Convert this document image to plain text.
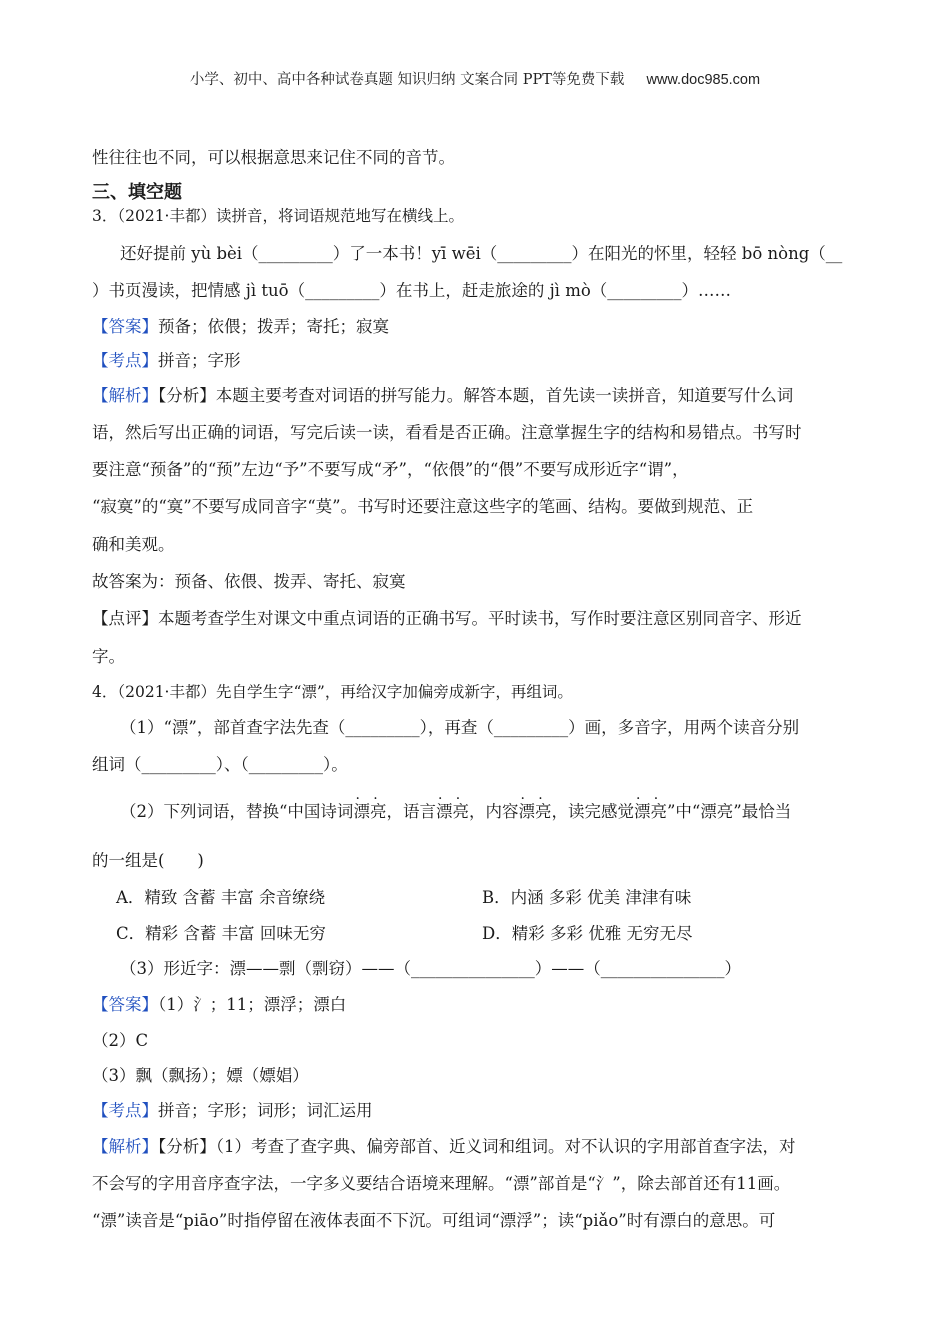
小学、初中、高中各种试卷真题 知识归纳 文案合同 PPT等免费下载 www.doc985.com
性往往也不同，可以根据意思来记住不同的音节。
三、填空题
3．（2021·丰都）读拼音，将词语规范地写在横线上。
还好提前 yù bèi（_________）了一本书！yī wēi（_________）在阳光的怀里，轻轻 bō nòng（__
）书页漫读，把情感 jì tuō（_________）在书上，赶走旅途的 jì mò（_________）……
【答案】预备；依偎；拨弄；寄托；寂寞
【考点】拼音；字形
【解析】【分析】本题主要考查对词语的拼写能力。解答本题，首先读一读拼音，知道要写什么词
语，然后写出正确的词语，写完后读一读，看看是否正确。注意掌握生字的结构和易错点。书写时
要注意“预备”的“预”左边“予”不要写成“矛”，“依偎”的“偎”不要写成形近字“谓”，
“寂寞”的“寞”不要写成同音字“莫”。书写时还要注意这些字的笔画、结构。要做到规范、正
确和美观。
故答案为：预备、依偎、拨弄、寄托、寂寞
【点评】本题考查学生对课文中重点词语的正确书写。平时读书，写作时要注意区别同音字、形近
字。
4．（2021·丰都）先自学生字“漂”，再给汉字加偏旁成新字，再组词。
（1）“漂”，部首查字法先查（_________），再查（_________）画，多音字，用两个读音分别
组词（_________）、（_________）。
（2）下列词语，替换“中国诗词· · 漂亮，语言· · 漂亮，内容· · 漂亮，读完感觉· · 漂亮”中“漂亮”最恰当
的一组是(　　)
A．精致 含蓄 丰富 余音缭绕	B．内涵 多彩 优美 津津有味
C．精彩 含蓄 丰富 回味无穷	D．精彩 多彩 优雅 无穷无尽
（3）形近字：漂——剽（剽窃）——（_______________）——（_______________）
【答案】（1）氵；11；漂浮；漂白
（2）C
（3）飘（飘扬）；嫖（嫖娼）
【考点】拼音；字形；词形；词汇运用
【解析】【分析】（1）考查了查字典、偏旁部首、近义词和组词。对不认识的字用部首查字法，对
不会写的字用音序查字法，一字多义要结合语境来理解。“漂”部首是“氵”，除去部首还有11画。
“漂”读音是“piāo”时指停留在液体表面不下沉。可组词“漂浮”；读“piǎo”时有漂白的意思。可
